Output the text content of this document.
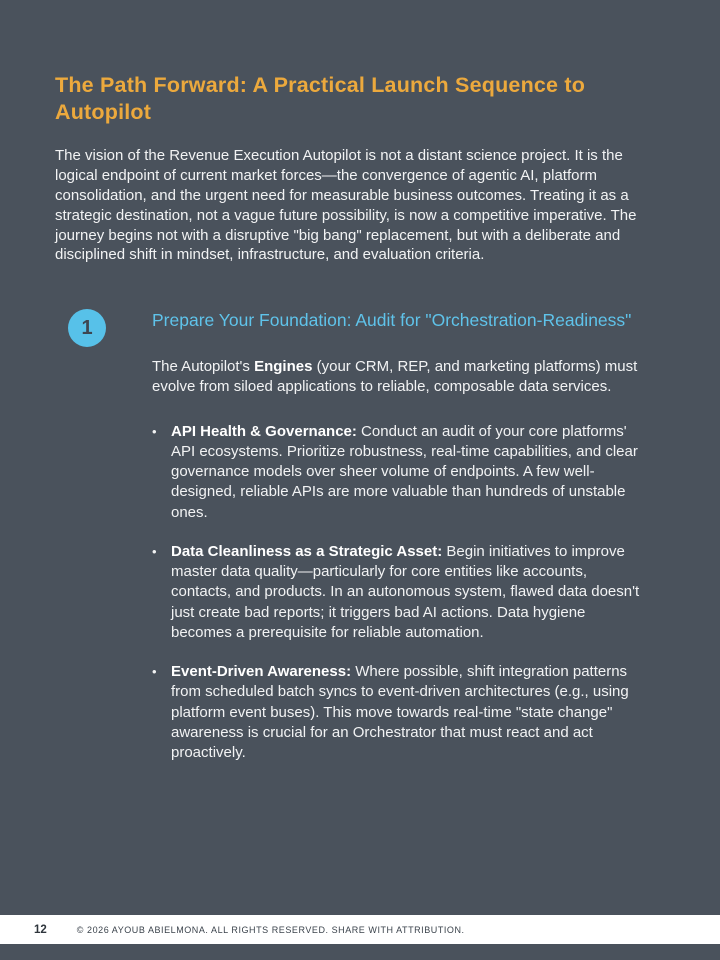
The Path Forward: A Practical Launch Sequence to Autopilot

The vision of the Revenue Execution Autopilot is not a distant science project. It is the logical endpoint of current market forces—the convergence of agentic AI, platform consolidation, and the urgent need for measurable business outcomes. Treating it as a strategic destination, not a vague future possibility, is now a competitive imperative. The journey begins not with a disruptive "big bang" replacement, but with a deliberate and disciplined shift in mindset, infrastructure, and evaluation criteria.

1	Prepare Your Foundation: Audit for "Orchestration-Readiness"

The Autopilot's Engines (your CRM, REP, and marketing platforms) must evolve from siloed applications to reliable, composable data services.

• API Health & Governance: Conduct an audit of your core platforms' API ecosystems. Prioritize robustness, real-time capabilities, and clear governance models over sheer volume of endpoints. A few well-designed, reliable APIs are more valuable than hundreds of unstable ones.

• Data Cleanliness as a Strategic Asset: Begin initiatives to improve master data quality—particularly for core entities like accounts, contacts, and products. In an autonomous system, flawed data doesn't just create bad reports; it triggers bad AI actions. Data hygiene becomes a prerequisite for reliable automation.

• Event-Driven Awareness: Where possible, shift integration patterns from scheduled batch syncs to event-driven architectures (e.g., using platform event buses). This move towards real-time "state change" awareness is crucial for an Orchestrator that must react and act proactively.

12	© 2026 AYOUB ABIELMONA. ALL RIGHTS RESERVED. SHARE WITH ATTRIBUTION.
